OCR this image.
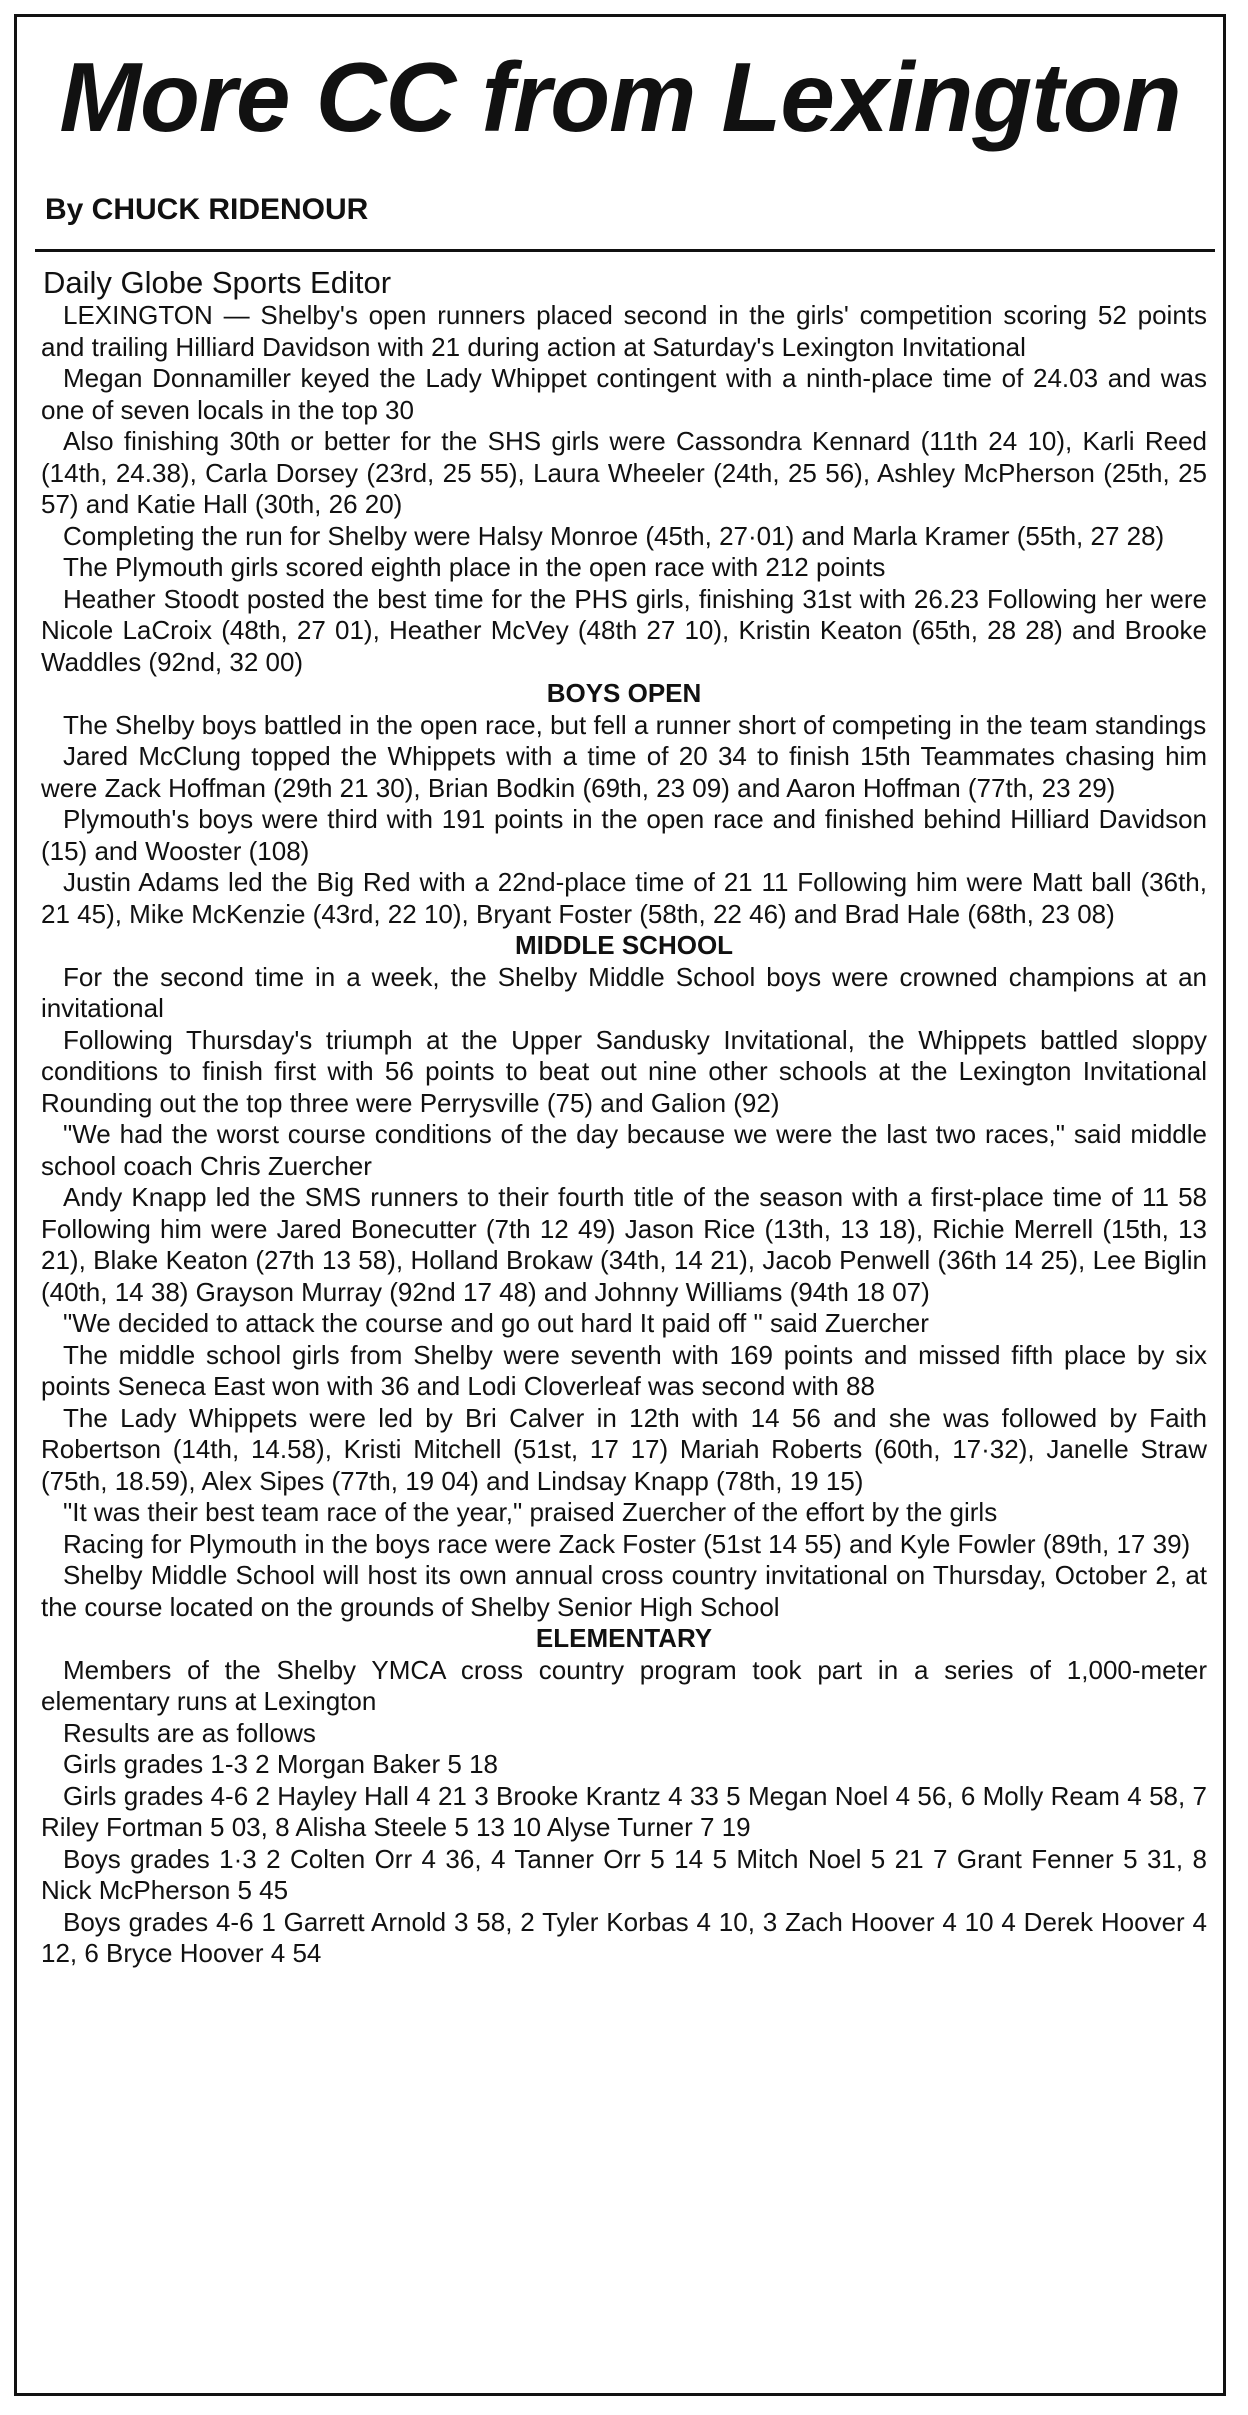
More CC from Lexington
By CHUCK RIDENOUR
Daily Globe Sports Editor

LEXINGTON — Shelby's open runners placed second in the girls' competition scoring 52 points and trailing Hilliard Davidson with 21 during action at Saturday's Lexington Invitational

Megan Donnamiller keyed the Lady Whippet contingent with a ninth-place time of 24.03 and was one of seven locals in the top 30

Also finishing 30th or better for the SHS girls were Cassondra Kennard (11th 24 10), Karli Reed (14th, 24.38), Carla Dorsey (23rd, 25 55), Laura Wheeler (24th, 25 56), Ashley McPherson (25th, 25 57) and Katie Hall (30th, 26 20)

Completing the run for Shelby were Halsy Monroe (45th, 27·01) and Marla Kramer (55th, 27 28)

The Plymouth girls scored eighth place in the open race with 212 points

Heather Stoodt posted the best time for the PHS girls, finishing 31st with 26.23 Following her were Nicole LaCroix (48th, 27 01), Heather McVey (48th 27 10), Kristin Keaton (65th, 28 28) and Brooke Waddles (92nd, 32 00)

BOYS OPEN

The Shelby boys battled in the open race, but fell a runner short of competing in the team standings

Jared McClung topped the Whippets with a time of 20 34 to finish 15th Teammates chasing him were Zack Hoffman (29th 21 30), Brian Bodkin (69th, 23 09) and Aaron Hoffman (77th, 23 29)

Plymouth's boys were third with 191 points in the open race and finished behind Hilliard Davidson (15) and Wooster (108)

Justin Adams led the Big Red with a 22nd-place time of 21 11 Following him were Matt ball (36th, 21 45), Mike McKenzie (43rd, 22 10), Bryant Foster (58th, 22 46) and Brad Hale (68th, 23 08)

MIDDLE SCHOOL

For the second time in a week, the Shelby Middle School boys were crowned champions at an invitational

Following Thursday's triumph at the Upper Sandusky Invitational, the Whippets battled sloppy conditions to finish first with 56 points to beat out nine other schools at the Lexington Invitational Rounding out the top three were Perrysville (75) and Galion (92)

"We had the worst course conditions of the day because we were the last two races," said middle school coach Chris Zuercher

Andy Knapp led the SMS runners to their fourth title of the season with a first-place time of 11 58 Following him were Jared Bonecutter (7th 12 49) Jason Rice (13th, 13 18), Richie Merrell (15th, 13 21), Blake Keaton (27th 13 58), Holland Brokaw (34th, 14 21), Jacob Penwell (36th 14 25), Lee Biglin (40th, 14 38) Grayson Murray (92nd 17 48) and Johnny Williams (94th 18 07)

"We decided to attack the course and go out hard It paid off " said Zuercher

The middle school girls from Shelby were seventh with 169 points and missed fifth place by six points Seneca East won with 36 and Lodi Cloverleaf was second with 88

The Lady Whippets were led by Bri Calver in 12th with 14 56 and she was followed by Faith Robertson (14th, 14.58), Kristi Mitchell (51st, 17 17) Mariah Roberts (60th, 17·32), Janelle Straw (75th, 18.59), Alex Sipes (77th, 19 04) and Lindsay Knapp (78th, 19 15)

"It was their best team race of the year," praised Zuercher of the effort by the girls

Racing for Plymouth in the boys race were Zack Foster (51st 14 55) and Kyle Fowler (89th, 17 39)

Shelby Middle School will host its own annual cross country invitational on Thursday, October 2, at the course located on the grounds of Shelby Senior High School

ELEMENTARY

Members of the Shelby YMCA cross country program took part in a series of 1,000-meter elementary runs at Lexington

Results are as follows

Girls grades 1-3 2 Morgan Baker 5 18

Girls grades 4-6 2 Hayley Hall 4 21 3 Brooke Krantz 4 33 5 Megan Noel 4 56, 6 Molly Ream 4 58, 7 Riley Fortman 5 03, 8 Alisha Steele 5 13 10 Alyse Turner 7 19

Boys grades 1·3 2 Colten Orr 4 36, 4 Tanner Orr 5 14 5 Mitch Noel 5 21 7 Grant Fenner 5 31, 8 Nick McPherson 5 45

Boys grades 4-6 1 Garrett Arnold 3 58, 2 Tyler Korbas 4 10, 3 Zach Hoover 4 10 4 Derek Hoover 4 12, 6 Bryce Hoover 4 54
